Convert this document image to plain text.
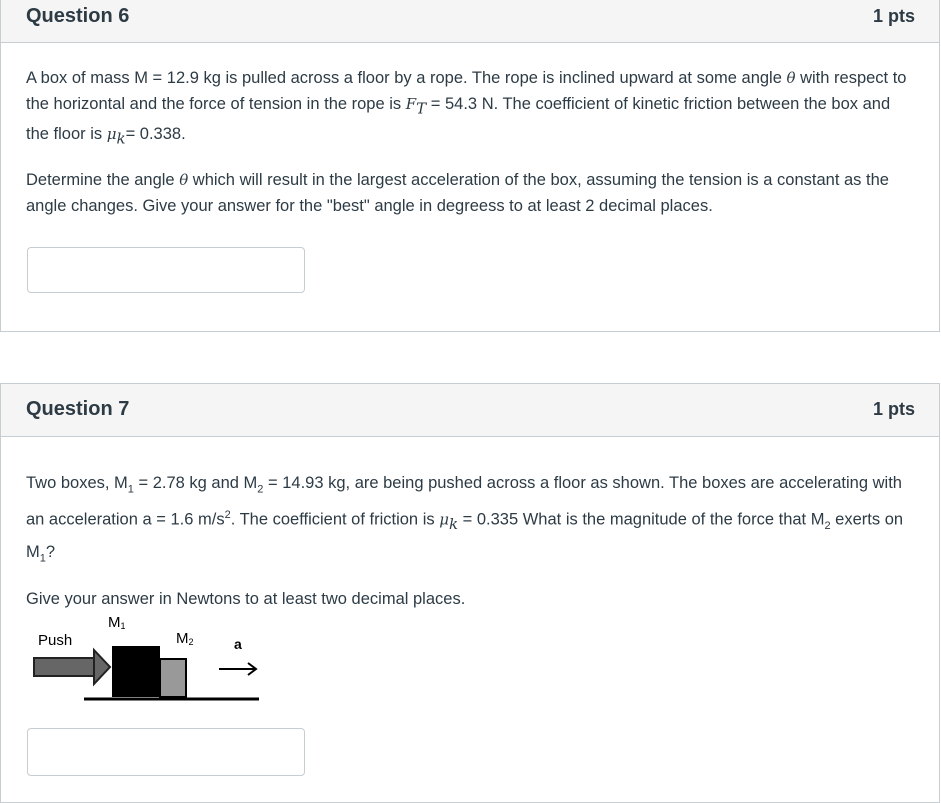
Question 6	1 pts

A box of mass M = 12.9 kg is pulled across a floor by a rope. The rope is inclined upward at some angle θ with respect to the horizontal and the force of tension in the rope is $F_T = 54.3$ N. The coefficient of kinetic friction between the box and the floor is $\mu_k= 0.338$.

Determine the angle θ which will result in the largest acceleration of the box, assuming the tension is a constant as the angle changes. Give your answer for the "best" angle in degreess to at least 2 decimal places.

Question 7	1 pts

Two boxes, $M_1 = 2.78$ kg and $M_2 = 14.93$ kg, are being pushed across a floor as shown. The boxes are accelerating with an acceleration a = 1.6 $m/s^2$. The coefficient of friction is $\mu_k = 0.335$ What is the magnitude of the force that $M_2$ exerts on $M_1$?

Give your answer in Newtons to at least two decimal places.

Push
M1
M2	a
